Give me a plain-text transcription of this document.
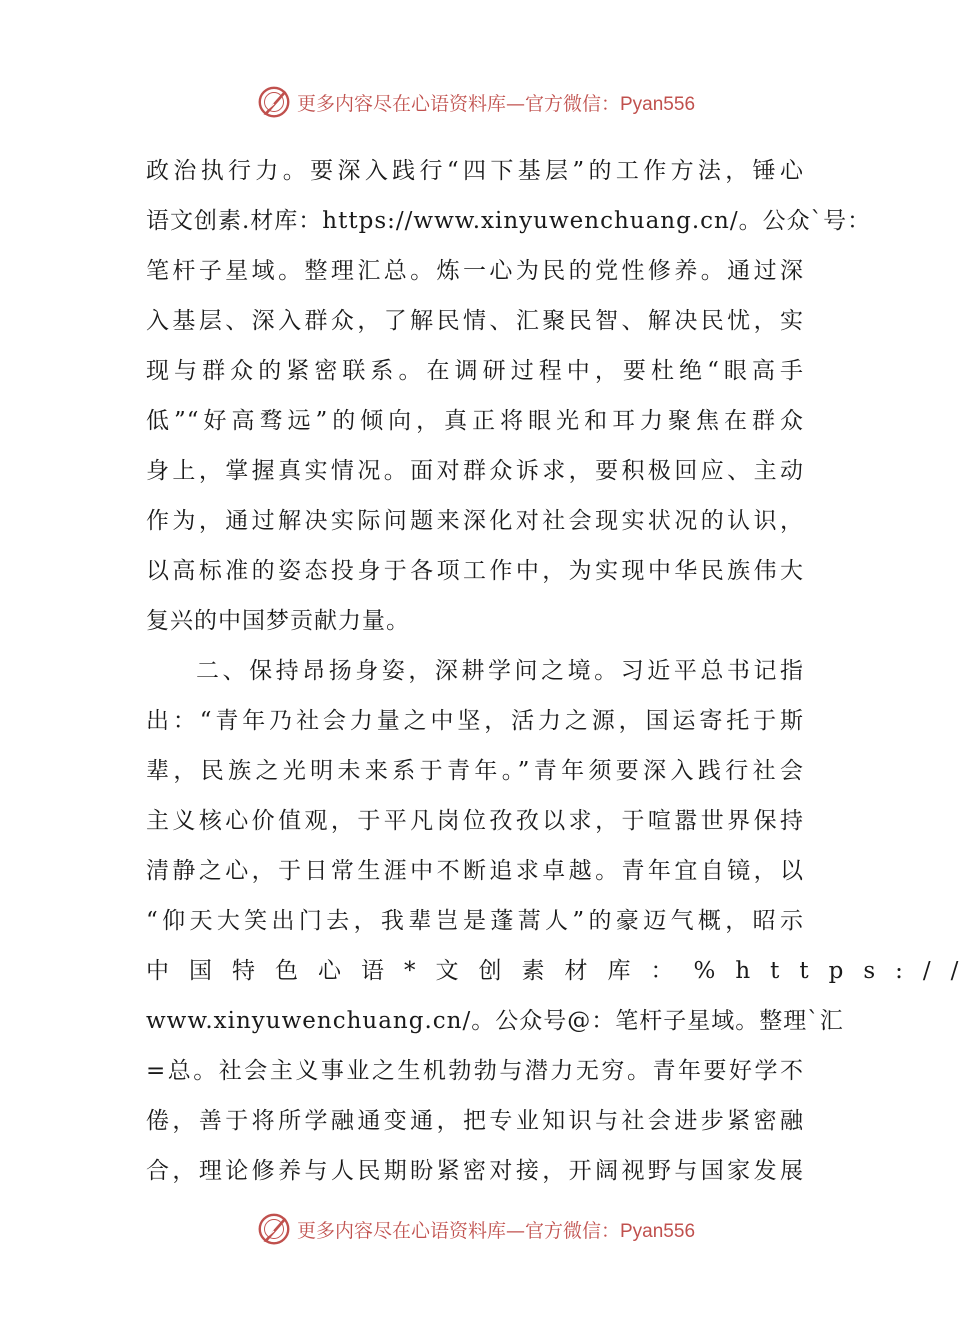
更多内容尽在心语资料库—官方微信：Pyan556
政治执行力。要深入践行“四下基层”的工作方法，锤心
语文创素.材库：https://www.xinyuwenchuang.cn/。公众`号：
笔杆子星域。整理汇总。炼一心为民的党性修养。通过深
入基层、深入群众，了解民情、汇聚民智、解决民忧，实
现与群众的紧密联系。在调研过程中，要杜绝“眼高手
低”“好高骛远”的倾向，真正将眼光和耳力聚焦在群众
身上，掌握真实情况。面对群众诉求，要积极回应、主动
作为，通过解决实际问题来深化对社会现实状况的认识，
以高标准的姿态投身于各项工作中，为实现中华民族伟大
复兴的中国梦贡献力量。
二、保持昂扬身姿，深耕学问之境。习近平总书记指
出：“青年乃社会力量之中坚，活力之源，国运寄托于斯
辈，民族之光明未来系于青年。”青年须要深入践行社会
主义核心价值观，于平凡岗位孜孜以求，于喧嚣世界保持
清静之心，于日常生涯中不断追求卓越。青年宜自镜，以
“仰天大笑出门去，我辈岂是蓬蒿人”的豪迈气概，昭示
中国特色心语*文创素材库：%https://
www.xinyuwenchuang.cn/。公众号@：笔杆子星域。整理`汇
=总。社会主义事业之生机勃勃与潜力无穷。青年要好学不
倦，善于将所学融通变通，把专业知识与社会进步紧密融
合，理论修养与人民期盼紧密对接，开阔视野与国家发展
更多内容尽在心语资料库—官方微信：Pyan556
